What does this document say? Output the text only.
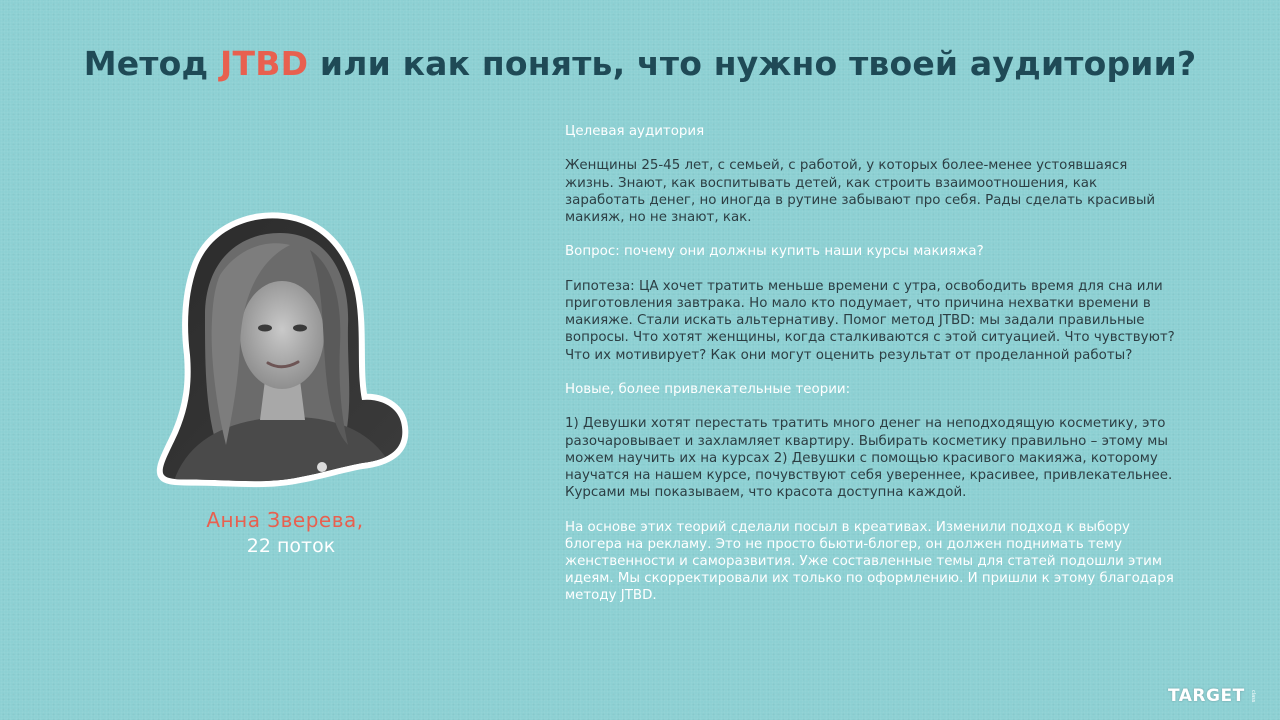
Метод JTBD или как понять, что нужно твоей аудитории?
Анна Зверева,
22 поток

Целевая аудитория

Женщины 25-45 лет, с семьей, с работой, у которых более-менее устоявшаяся жизнь. Знают, как воспитывать детей, как строить взаимоотношения, как заработать денег, но иногда в рутине забывают про себя. Рады сделать красивый макияж, но не знают, как.

Вопрос: почему они должны купить наши курсы макияжа?

Гипотеза: ЦА хочет тратить меньше времени с утра, освободить время для сна или приготовления завтрака. Но мало кто подумает, что причина нехватки времени в макияже. Стали искать альтернативу. Помог метод JTBD: мы задали правильные вопросы. Что хотят женщины, когда сталкиваются с этой ситуацией. Что чувствуют? Что их мотивирует? Как они могут оценить результат от проделанной работы?

Новые, более привлекательные теории:

1) Девушки хотят перестать тратить много денег на неподходящую косметику, это разочаровывает и захламляет квартиру. Выбирать косметику правильно – этому мы можем научить их на курсах 2) Девушки с помощью красивого макияжа, которому научатся на нашем курсе, почувствуют себя увереннее, красивее, привлекательнее. Курсами мы показываем, что красота доступна каждой.

На основе этих теорий сделали посыл в креативах. Изменили подход к выбору блогера на рекламу. Это не просто бьюти-блогер, он должен поднимать тему женственности и саморазвития. Уже составленные темы для статей подошли этим идеям. Мы скорректировали их только по оформлению. И пришли к этому благодаря методу JTBD.

TARGET class
